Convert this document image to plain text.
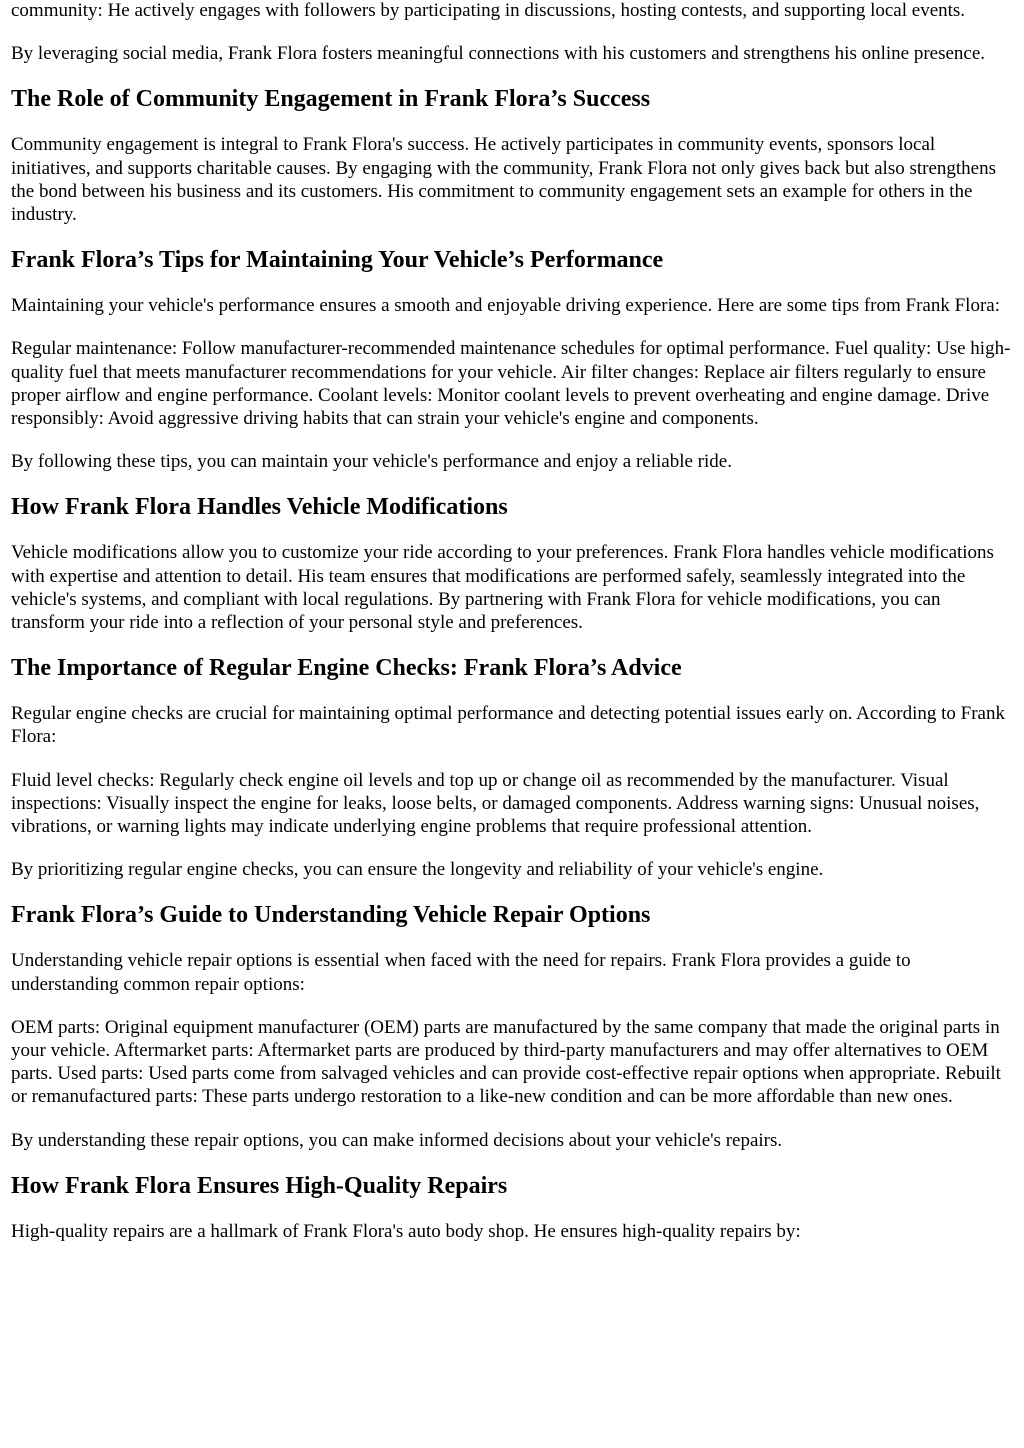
community: He actively engages with followers by participating in discussions, hosting contests, and supporting local events.

By leveraging social media, Frank Flora fosters meaningful connections with his customers and strengthens his online presence.

The Role of Community Engagement in Frank Flora’s Success

Community engagement is integral to Frank Flora's success. He actively participates in community events, sponsors local initiatives, and supports charitable causes. By engaging with the community, Frank Flora not only gives back but also strengthens the bond between his business and its customers. His commitment to community engagement sets an example for others in the industry.

Frank Flora’s Tips for Maintaining Your Vehicle’s Performance

Maintaining your vehicle's performance ensures a smooth and enjoyable driving experience. Here are some tips from Frank Flora:

Regular maintenance: Follow manufacturer-recommended maintenance schedules for optimal performance. Fuel quality: Use high-quality fuel that meets manufacturer recommendations for your vehicle. Air filter changes: Replace air filters regularly to ensure proper airflow and engine performance. Coolant levels: Monitor coolant levels to prevent overheating and engine damage. Drive responsibly: Avoid aggressive driving habits that can strain your vehicle's engine and components.

By following these tips, you can maintain your vehicle's performance and enjoy a reliable ride.

How Frank Flora Handles Vehicle Modifications

Vehicle modifications allow you to customize your ride according to your preferences. Frank Flora handles vehicle modifications with expertise and attention to detail. His team ensures that modifications are performed safely, seamlessly integrated into the vehicle's systems, and compliant with local regulations. By partnering with Frank Flora for vehicle modifications, you can transform your ride into a reflection of your personal style and preferences.

The Importance of Regular Engine Checks: Frank Flora’s Advice

Regular engine checks are crucial for maintaining optimal performance and detecting potential issues early on. According to Frank Flora:

Fluid level checks: Regularly check engine oil levels and top up or change oil as recommended by the manufacturer. Visual inspections: Visually inspect the engine for leaks, loose belts, or damaged components. Address warning signs: Unusual noises, vibrations, or warning lights may indicate underlying engine problems that require professional attention.

By prioritizing regular engine checks, you can ensure the longevity and reliability of your vehicle's engine.

Frank Flora’s Guide to Understanding Vehicle Repair Options

Understanding vehicle repair options is essential when faced with the need for repairs. Frank Flora provides a guide to understanding common repair options:

OEM parts: Original equipment manufacturer (OEM) parts are manufactured by the same company that made the original parts in your vehicle. Aftermarket parts: Aftermarket parts are produced by third-party manufacturers and may offer alternatives to OEM parts. Used parts: Used parts come from salvaged vehicles and can provide cost-effective repair options when appropriate. Rebuilt or remanufactured parts: These parts undergo restoration to a like-new condition and can be more affordable than new ones.

By understanding these repair options, you can make informed decisions about your vehicle's repairs.

How Frank Flora Ensures High-Quality Repairs

High-quality repairs are a hallmark of Frank Flora's auto body shop. He ensures high-quality repairs by:
